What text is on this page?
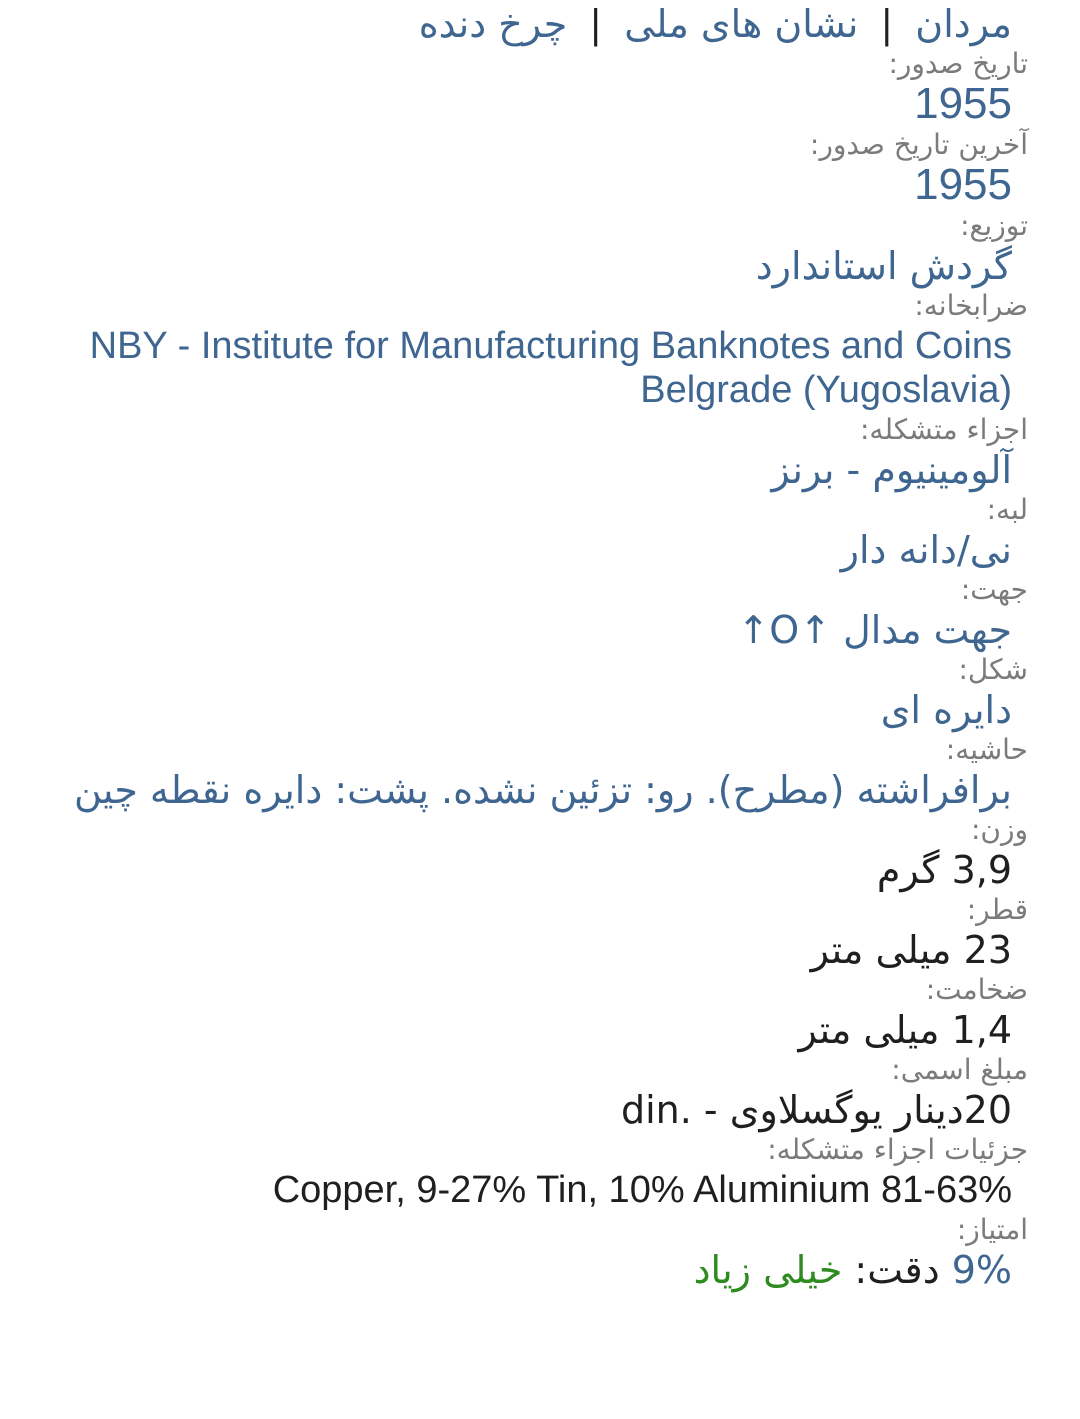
مردان | نشان های ملی | چرخ دنده
تاریخ صدور:
1955
آخرین تاریخ صدور:
1955
توزیع:
گردش استاندارد
ضرابخانه:
NBY - Institute for Manufacturing Banknotes and Coins Belgrade (Yugoslavia)
اجزاء متشکله:
آلومینیوم - برنز
لبه:
نی/دانه دار
جهت:
جهت مدال ↑O↑
شکل:
دایره ای
حاشیه:
برافراشته (مطرح). رو: تزئین نشده. پشت: دایره نقطه چین
وزن:
3,9 گرم
قطر:
23 میلی متر
ضخامت:
1,4 میلی متر
مبلغ اسمی:
20دینار یوگسلاوی - .din
جزئیات اجزاء متشکله:
Copper, 9-27% Tin, 10% Aluminium 81-63%
امتیاز:
9% دقت: خیلی زیاد
